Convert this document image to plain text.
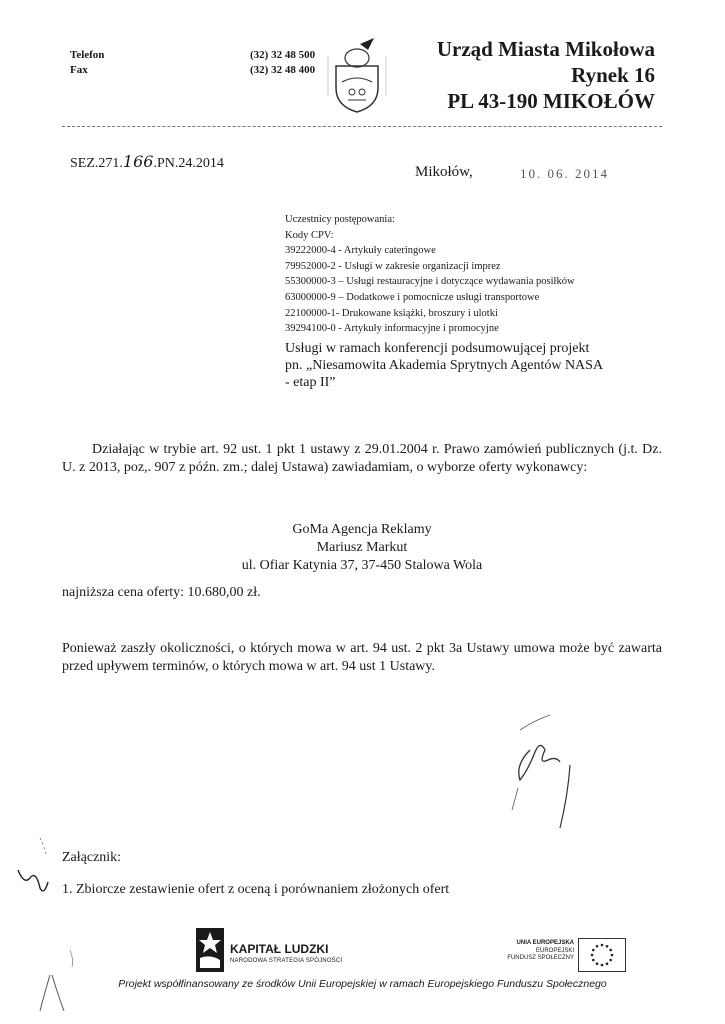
Telefon
Fax
(32) 32 48 500
(32) 32 48 400
Urząd Miasta Mikołowa
Rynek 16
PL 43-190 MIKOŁÓW
SEZ.271.166.PN.24.2014
Mikołów,	10. 06. 2014
Uczestnicy postępowania:
Kody CPV:
39222000-4 - Artykuły cateringowe
79952000-2 - Usługi w zakresie organizacji imprez
55300000-3 – Usługi restauracyjne i dotyczące wydawania posiłków
63000000-9 – Dodatkowe i pomocnicze usługi transportowe
22100000-1- Drukowane książki, broszury i ulotki
39294100-0 - Artykuły informacyjne i promocyjne
Usługi w ramach konferencji podsumowującej projekt
pn. „Niesamowita Akademia Sprytnych Agentów NASA
- etap II”
Działając w trybie art. 92 ust. 1 pkt 1 ustawy z 29.01.2004 r. Prawo zamówień publicznych (j.t. Dz. U. z 2013, poz,. 907 z późn. zm.; dalej Ustawa) zawiadamiam, o wyborze oferty wykonawcy:
GoMa Agencja Reklamy
Mariusz Markut
ul. Ofiar Katynia 37, 37-450 Stalowa Wola
najniższa cena oferty: 10.680,00 zł.
Ponieważ zaszły okoliczności, o których mowa w art. 94 ust. 2 pkt 3a Ustawy umowa może być zawarta przed upływem terminów, o których mowa w art. 94 ust 1 Ustawy.
Załącznik:
1. Zbiorcze zestawienie ofert z oceną i porównaniem złożonych ofert
KAPITAŁ LUDZKI
NARODOWA STRATEGIA SPÓJNOŚCI
UNIA EUROPEJSKA
EUROPEJSKI
FUNDUSZ SPOŁECZNY
Projekt współfinansowany ze środków Unii Europejskiej w ramach Europejskiego Funduszu Społecznego
